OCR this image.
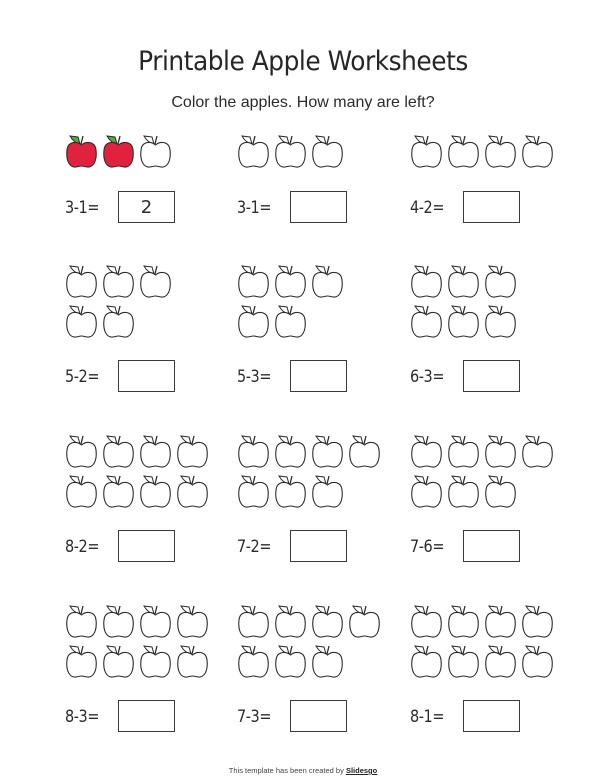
Printable Apple Worksheets
Color the apples. How many are left?
3-1=	2	3-1=	4-2=
5-2=	5-3=	6-3=
8-2=	7-2=	7-6=
8-3=	7-3=	8-1=
This template has been created by Slidesgo
